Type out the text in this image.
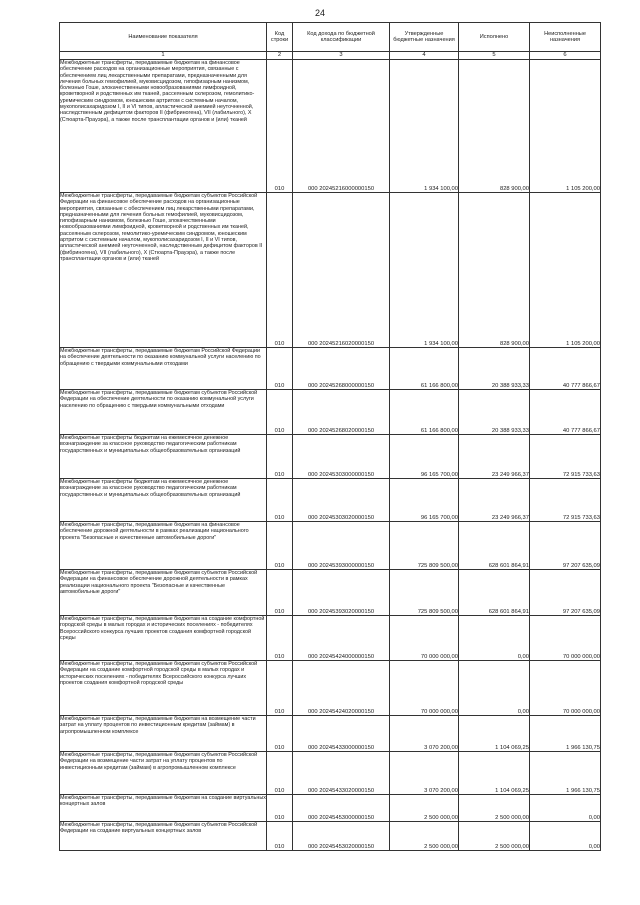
24
Наименование показателя	Код строки	Код дохода по бюджетной классификации	Утвержденные бюджетные назначения	Исполнено	Неисполненные назначения
1	2	3	4	5	6
Межбюджетные трансферты, передаваемые бюджетам на финансовое обеспечение расходов на организационные мероприятия, связанные с обеспечением лиц лекарственными препаратами, предназначенными для лечения больных гемофилией, муковисцидозом, гипофизарным нанизмом, болезнью Гоше, злокачественными новообразованиями лимфоидной, кроветворной и родственных им тканей, рассеянным склерозом, гемолитико-уремическим синдромом, юношеским артритом с системным началом, мукополисахаридозом I, II и VI типов, апластической анемией неуточненной, наследственным дефицитом факторов II (фибриногена), VII (лабильного), X (Стюарта-Прауэра), а также после трансплантации органов и (или) тканей	010	000 20245216000000150	1 934 100,00	828 900,00	1 105 200,00
Межбюджетные трансферты, передаваемые бюджетам субъектов Российской Федерации на финансовое обеспечение расходов на организационные мероприятия, связанные с обеспечением лиц лекарственными препаратами, предназначенными для лечения больных гемофилией, муковисцидозом, гипофизарным нанизмом, болезнью Гоше, злокачественными новообразованиями лимфоидной, кроветворной и родственных им тканей, рассеянным склерозом, гемолитико-уремическим синдромом, юношеским артритом с системным началом, мукополисахаридозом I, II и VI типов, апластической анемией неуточненной, наследственным дефицитом факторов II (фибриногена), VII (лабильного), X (Стюарта-Прауэра), а также после трансплантации органов и (или) тканей	010	000 20245216020000150	1 934 100,00	828 900,00	1 105 200,00
Межбюджетные трансферты, передаваемые бюджетам Российской Федерации на обеспечение деятельности по оказанию коммунальной услуги населению по обращению с твердыми коммунальными отходами	010	000 20245268000000150	61 166 800,00	20 388 933,33	40 777 866,67
Межбюджетные трансферты, передаваемые бюджетам субъектов Российской Федерации на обеспечение деятельности по оказанию коммунальной услуги населению по обращению с твердыми коммунальными отходами	010	000 20245268020000150	61 166 800,00	20 388 933,33	40 777 866,67
Межбюджетные трансферты бюджетам на ежемесячное денежное вознаграждение за классное руководство педагогическим работникам государственных и муниципальных общеобразовательных организаций	010	000 20245303000000150	96 165 700,00	23 249 966,37	72 915 733,63
Межбюджетные трансферты бюджетам на ежемесячное денежное вознаграждение за классное руководство педагогическим работникам государственных и муниципальных общеобразовательных организаций	010	000 20245303020000150	96 165 700,00	23 249 966,37	72 915 733,63
Межбюджетные трансферты, передаваемые бюджетам на финансовое обеспечение дорожной деятельности в рамках реализации национального проекта "Безопасные и качественные автомобильные дороги"	010	000 20245393000000150	725 809 500,00	628 601 864,91	97 207 635,09
Межбюджетные трансферты, передаваемые бюджетам субъектов Российской Федерации на финансовое обеспечение дорожной деятельности в рамках реализации национального проекта "Безопасные и качественные автомобильные дороги"	010	000 20245393020000150	725 809 500,00	628 601 864,91	97 207 635,09
Межбюджетные трансферты, передаваемые бюджетам на создание комфортной городской среды в малых городах и исторических поселениях - победителях Всероссийского конкурса лучших проектов создания комфортной городской среды	010	000 20245424000000150	70 000 000,00	0,00	70 000 000,00
Межбюджетные трансферты, передаваемые бюджетам субъектов Российской Федерации на создание комфортной городской среды в малых городах и исторических поселениях - победителях Всероссийского конкурса лучших проектов создания комфортной городской среды	010	000 20245424020000150	70 000 000,00	0,00	70 000 000,00
Межбюджетные трансферты, передаваемые бюджетам на возмещение части затрат на уплату процентов по инвестиционным кредитам (займам) в агропромышленном комплексе	010	000 20245433000000150	3 070 200,00	1 104 069,25	1 966 130,75
Межбюджетные трансферты, передаваемые бюджетам субъектов Российской Федерации на возмещение части затрат на уплату процентов по инвестиционным кредитам (займам) в агропромышленном комплексе	010	000 20245433020000150	3 070 200,00	1 104 069,25	1 966 130,75
Межбюджетные трансферты, передаваемые бюджетам на создание виртуальных концертных залов	010	000 20245453000000150	2 500 000,00	2 500 000,00	0,00
Межбюджетные трансферты, передаваемые бюджетам субъектов Российской Федерации на создание виртуальных концертных залов	010	000 20245453020000150	2 500 000,00	2 500 000,00	0,00
